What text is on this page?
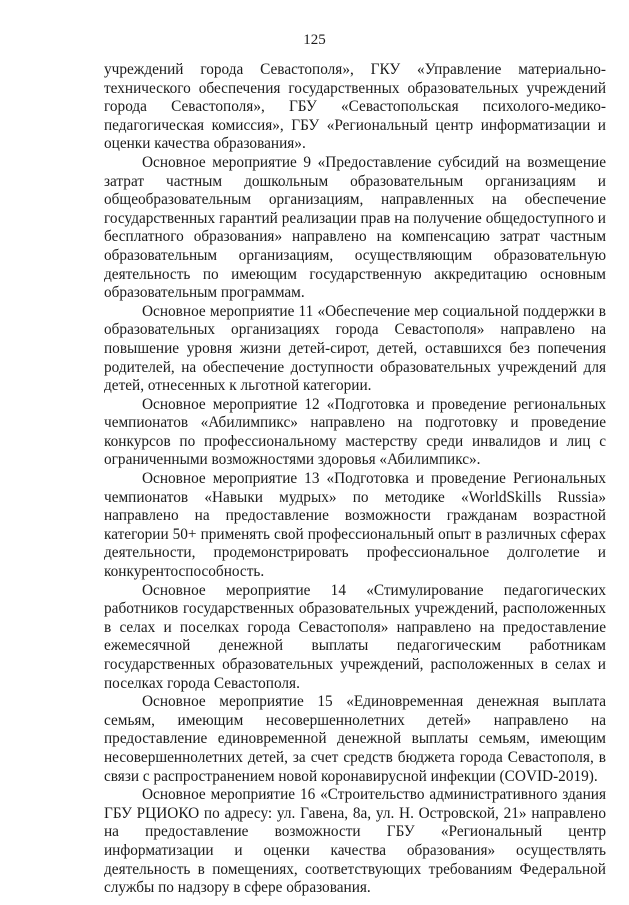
125

учреждений города Севастополя», ГКУ «Управление материально-технического обеспечения государственных образовательных учреждений города Севастополя», ГБУ «Севастопольская психолого-медико-педагогическая комиссия», ГБУ «Региональный центр информатизации и оценки качества образования».

Основное мероприятие 9 «Предоставление субсидий на возмещение затрат частным дошкольным образовательным организациям и общеобразовательным организациям, направленных на обеспечение государственных гарантий реализации прав на получение общедоступного и бесплатного образования» направлено на компенсацию затрат частным образовательным организациям, осуществляющим образовательную деятельность по имеющим государственную аккредитацию основным образовательным программам.

Основное мероприятие 11 «Обеспечение мер социальной поддержки в образовательных организациях города Севастополя» направлено на повышение уровня жизни детей-сирот, детей, оставшихся без попечения родителей, на обеспечение доступности образовательных учреждений для детей, отнесенных к льготной категории.

Основное мероприятие 12 «Подготовка и проведение региональных чемпионатов «Абилимпикс» направлено на подготовку и проведение конкурсов по профессиональному мастерству среди инвалидов и лиц с ограниченными возможностями здоровья «Абилимпикс».

Основное мероприятие 13 «Подготовка и проведение Региональных чемпионатов «Навыки мудрых» по методике «WorldSkills Russia» направлено на предоставление возможности гражданам возрастной категории 50+ применять свой профессиональный опыт в различных сферах деятельности, продемонстрировать профессиональное долголетие и конкурентоспособность.

Основное мероприятие 14 «Стимулирование педагогических работников государственных образовательных учреждений, расположенных в селах и поселках города Севастополя» направлено на предоставление ежемесячной денежной выплаты педагогическим работникам государственных образовательных учреждений, расположенных в селах и поселках города Севастополя.

Основное мероприятие 15 «Единовременная денежная выплата семьям, имеющим несовершеннолетних детей» направлено на предоставление единовременной денежной выплаты семьям, имеющим несовершеннолетних детей, за счет средств бюджета города Севастополя, в связи с распространением новой коронавирусной инфекции (COVID-2019).

Основное мероприятие 16 «Строительство административного здания ГБУ РЦИОКО по адресу: ул. Гавена, 8а, ул. Н. Островской, 21» направлено на предоставление возможности ГБУ «Региональный центр информатизации и оценки качества образования» осуществлять деятельность в помещениях, соответствующих требованиям Федеральной службы по надзору в сфере образования.
